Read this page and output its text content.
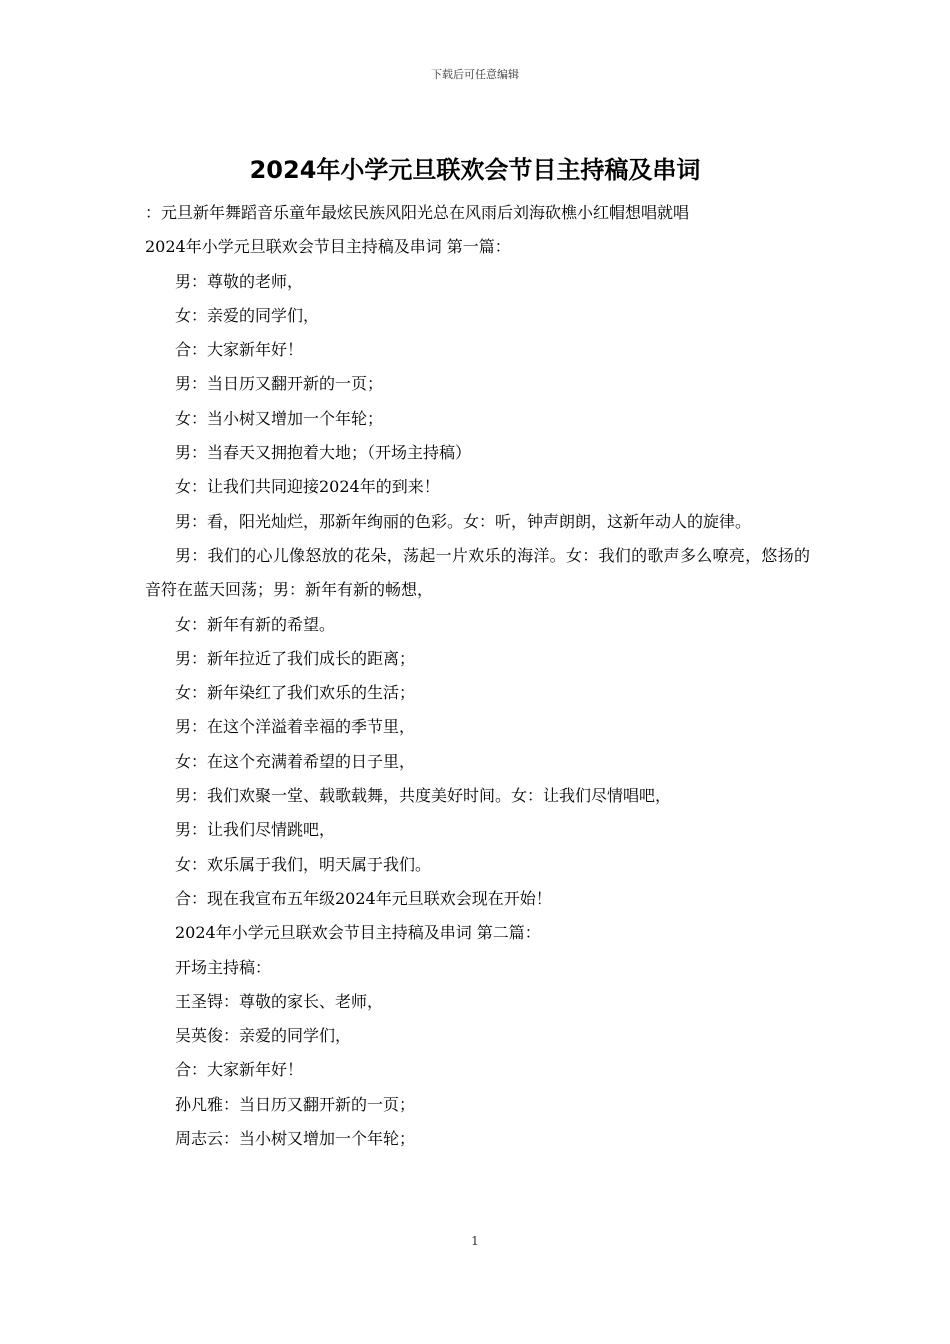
下载后可任意编辑
2024年小学元旦联欢会节目主持稿及串词

：元旦新年舞蹈音乐童年最炫民族风阳光总在风雨后刘海砍樵小红帽想唱就唱

2024年小学元旦联欢会节目主持稿及串词 第一篇：

男：尊敬的老师，

女：亲爱的同学们，

合：大家新年好！

男：当日历又翻开新的一页；

女：当小树又增加一个年轮；

男：当春天又拥抱着大地；（开场主持稿）

女：让我们共同迎接2024年的到来！

男：看，阳光灿烂，那新年绚丽的色彩。女：听，钟声朗朗，这新年动人的旋律。

男：我们的心儿像怒放的花朵，荡起一片欢乐的海洋。女：我们的歌声多么嘹亮，悠扬的音符在蓝天回荡；男：新年有新的畅想，

女：新年有新的希望。

男：新年拉近了我们成长的距离；

女：新年染红了我们欢乐的生活；

男：在这个洋溢着幸福的季节里，

女：在这个充满着希望的日子里，

男：我们欢聚一堂、载歌载舞，共度美好时间。女：让我们尽情唱吧，

男：让我们尽情跳吧，

女：欢乐属于我们，明天属于我们。

合：现在我宣布五年级2024年元旦联欢会现在开始！

2024年小学元旦联欢会节目主持稿及串词 第二篇：

开场主持稿：

王圣锝：尊敬的家长、老师，

吴英俊：亲爱的同学们，

合：大家新年好！

孙凡雅：当日历又翻开新的一页；

周志云：当小树又增加一个年轮；

1
